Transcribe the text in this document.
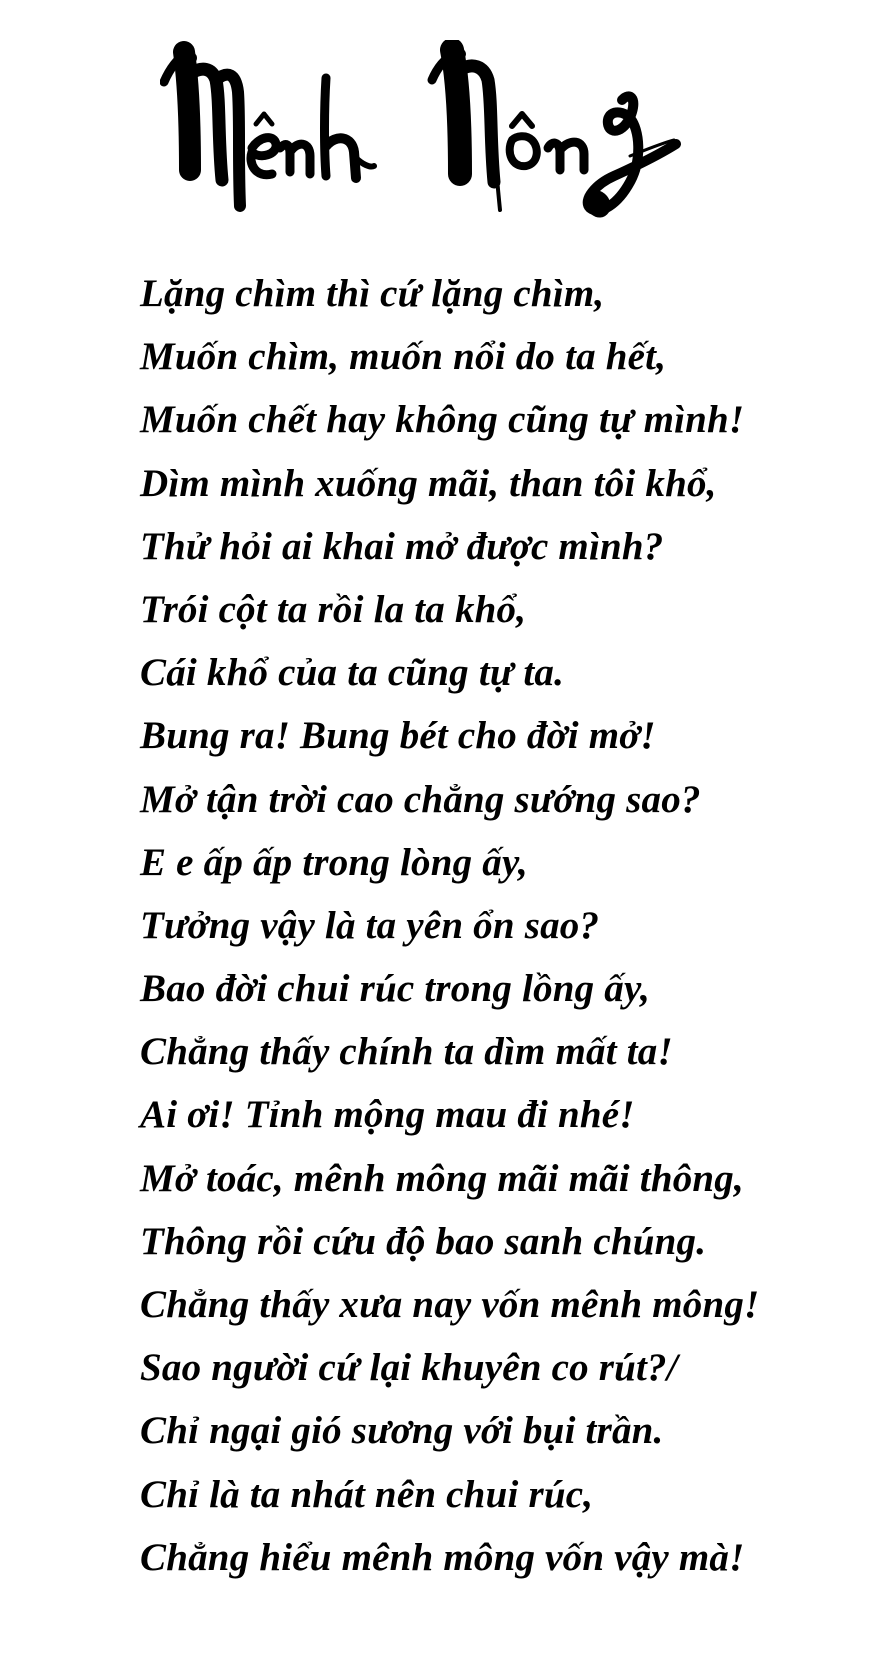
Lặng chìm thì cứ lặng chìm,
Muốn chìm, muốn nổi do ta hết,
Muốn chết hay không cũng tự mình!
Dìm mình xuống mãi, than tôi khổ,
Thử hỏi ai khai mở được mình?
Trói cột ta rồi la ta khổ,
Cái khổ của ta cũng tự ta.
Bung ra! Bung bét cho đời mở!
Mở tận trời cao chẳng sướng sao?
E e ấp ấp trong lòng ấy,
Tưởng vậy là ta yên ổn sao?
Bao đời chui rúc trong lồng ấy,
Chẳng thấy chính ta dìm mất ta!
Ai ơi! Tỉnh mộng mau đi nhé!
Mở toác, mênh mông mãi mãi thông,
Thông rồi cứu độ bao sanh chúng.
Chẳng thấy xưa nay vốn mênh mông!
Sao người cứ lại khuyên co rút?/
Chỉ ngại gió sương với bụi trần.
Chỉ là ta nhát nên chui rúc,
Chẳng hiểu mênh mông vốn vậy mà!
